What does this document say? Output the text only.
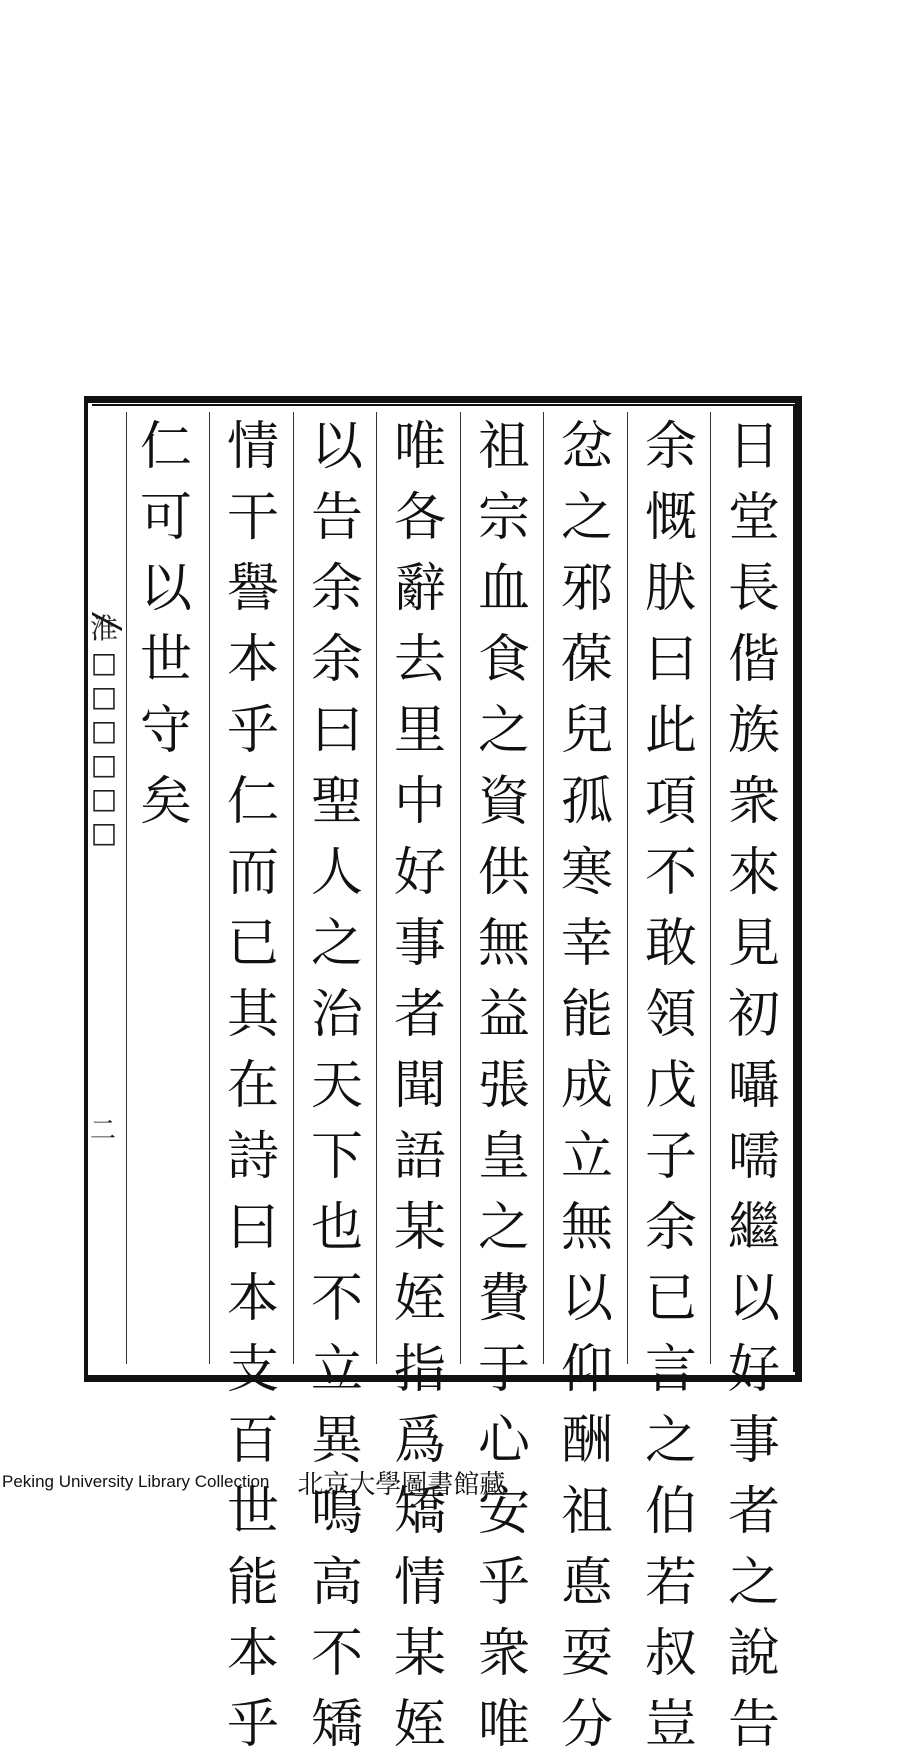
日
堂
長
偕
族
衆
來
見
初
囁
嚅
繼
以
好
事
者
之
說
告
余
慨
肰
曰
此
項
不
敢
領
戊
子
余
已
言
之
伯
若
叔
豈
忿
之
邪
葆
兒
孤
寒
幸
能
成
立
無
以
仰
酬
祖
悳
耍
分
祖
宗
血
食
之
資
供
無
益
張
皇
之
費
于
心
安
乎
衆
唯
唯
各
辭
去
里
中
好
事
者
聞
語
某
姪
指
爲
矯
情
某
姪
以
告
余
余
曰
聖
人
之
治
天
下
也
不
立
異
鳴
高
不
矯
情
干
譽
本
乎
仁
而
已
其
在
詩
曰
本
支
百
世
能
本
乎
仁
可
以
世
守
矣
淮
□
□
□
□
□
□
二
Peking University Library Collection 北京大學圖書館藏
